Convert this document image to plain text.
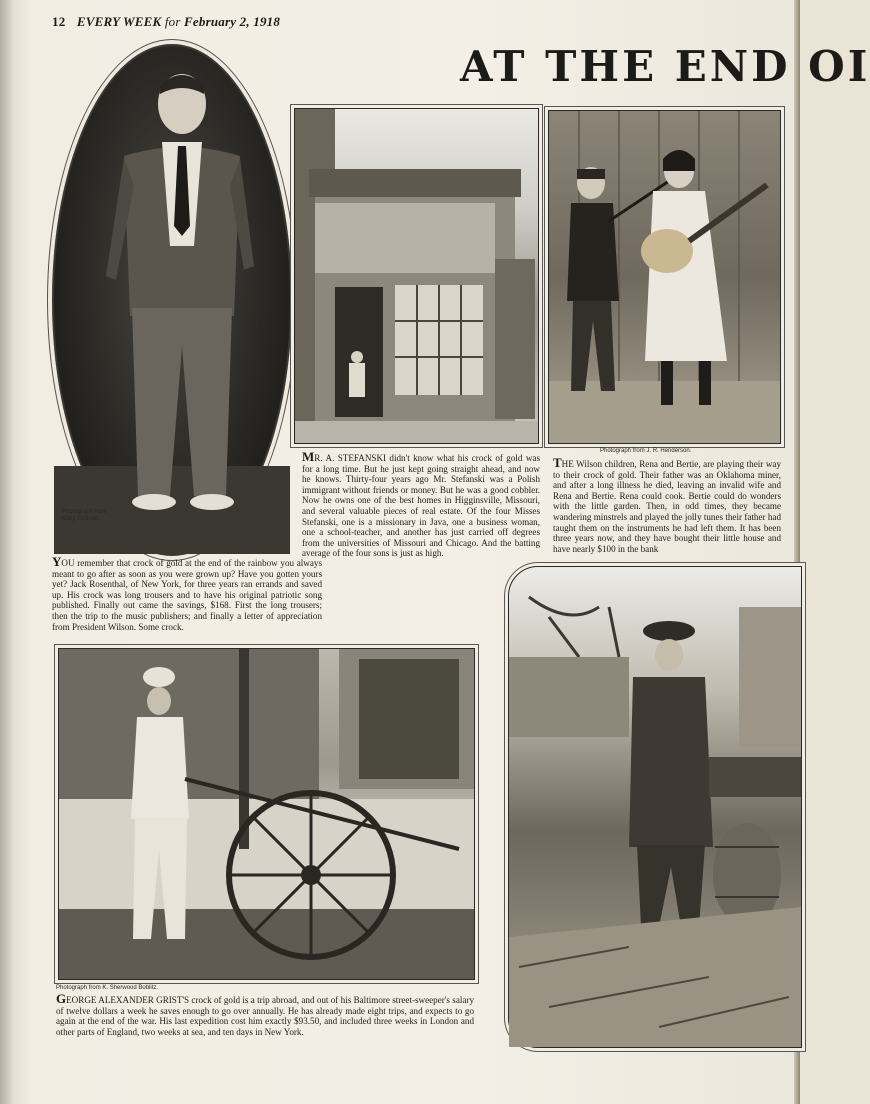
12 EVERY WEEK for February 2, 1918
AT THE END OI
Photograph from Mary Sullivan.
Photograph from J. R. Henderson.
YOU remember that crock of gold at the end of the rainbow you always meant to go after as soon as you were grown up? Have you gotten yours yet? Jack Rosenthal, of New York, for three years ran errands and saved up. His crock was long trousers and to have his original patriotic song published. Finally out came the savings, $168. First the long trousers; then the trip to the music publishers; and finally a letter of appreciation from President Wilson. Some crock.
MR. A. STEFANSKI didn't know what his crock of gold was for a long time. But he just kept going straight ahead, and now he knows. Thirty-four years ago Mr. Stefanski was a Polish immigrant without friends or money. But he was a good cobbler. Now he owns one of the best homes in Higginsville, Missouri, and several valuable pieces of real estate. Of the four Misses Stefanski, one is a missionary in Java, one a business woman, one a school-teacher, and another has just carried off degrees from the universities of Missouri and Chicago. And the batting average of the four sons is just as high.
THE Wilson children, Rena and Bertie, are playing their way to their crock of gold. Their father was an Oklahoma miner, and after a long illness he died, leaving an invalid wife and Rena and Bertie. Rena could cook. Bertie could do wonders with the little garden. Then, in odd times, they became wandering minstrels and played the jolly tunes their father had taught them on the instruments he had left them. It has been three years now, and they have bought their little house and have nearly $100 in the bank
Photograph from K. Sherwood Boblitz.
GEORGE ALEXANDER GRIST'S crock of gold is a trip abroad, and out of his Baltimore street-sweeper's salary of twelve dollars a week he saves enough to go over annually. He has already made eight trips, and expects to go again at the end of the war. His last expedition cost him exactly $93.50, and included three weeks in London and other parts of England, two weeks at sea, and ten days in New York.
